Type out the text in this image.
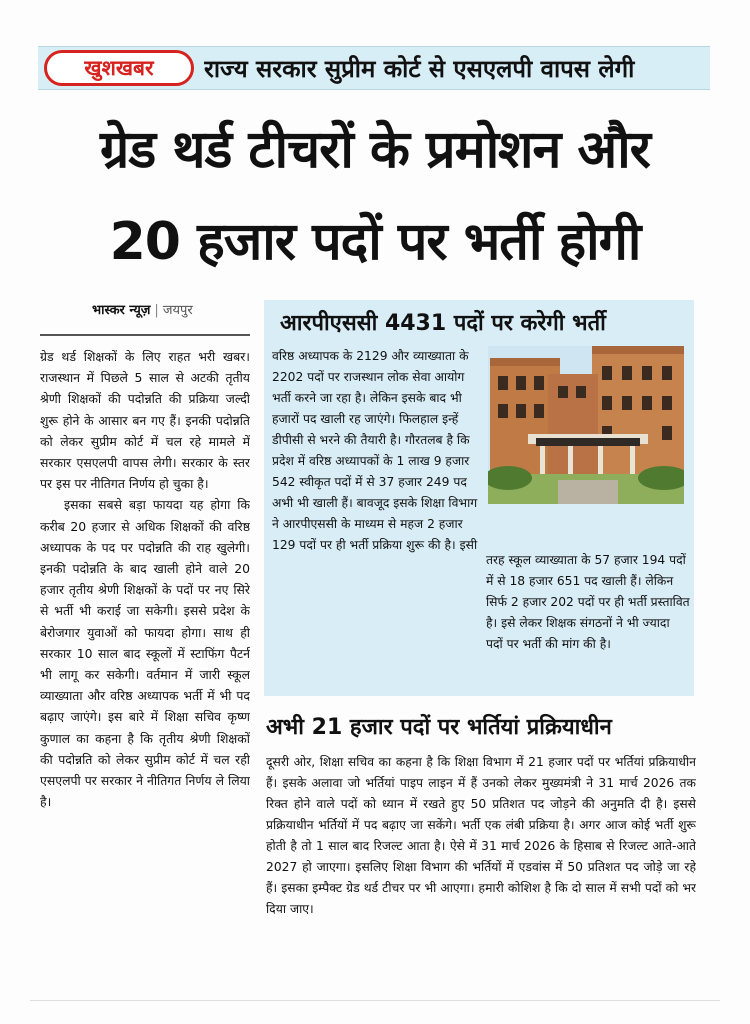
खुशखबर	राज्य सरकार सुप्रीम कोर्ट से एसएलपी वापस लेगी
ग्रेड थर्ड टीचरों के प्रमोशन और
20 हजार पदों पर भर्ती होगी
भास्कर न्यूज़ | जयपुर

ग्रेड थर्ड शिक्षकों के लिए राहत भरी खबर। राजस्थान में पिछले 5 साल से अटकी तृतीय श्रेणी शिक्षकों की पदोन्नति की प्रक्रिया जल्दी शुरू होने के आसार बन गए हैं। इनकी पदोन्नति को लेकर सुप्रीम कोर्ट में चल रहे मामले में सरकार एसएलपी वापस लेगी। सरकार के स्तर पर इस पर नीतिगत निर्णय हो चुका है।

इसका सबसे बड़ा फायदा यह होगा कि करीब 20 हजार से अधिक शिक्षकों की वरिष्ठ अध्यापक के पद पर पदोन्नति की राह खुलेगी। इनकी पदोन्नति के बाद खाली होने वाले 20 हजार तृतीय श्रेणी शिक्षकों के पदों पर नए सिरे से भर्ती भी कराई जा सकेगी। इससे प्रदेश के बेरोजगार युवाओं को फायदा होगा। साथ ही सरकार 10 साल बाद स्कूलों में स्टाफिंग पैटर्न भी लागू कर सकेगी। वर्तमान में जारी स्कूल व्याख्याता और वरिष्ठ अध्यापक भर्ती में भी पद बढ़ाए जाएंगे। इस बारे में शिक्षा सचिव कृष्ण कुणाल का कहना है कि तृतीय श्रेणी शिक्षकों की पदोन्नति को लेकर सुप्रीम कोर्ट में चल रही एसएलपी पर सरकार ने नीतिगत निर्णय ले लिया है।

आरपीएससी 4431 पदों पर करेगी भर्ती
वरिष्ठ अध्यापक के 2129 और व्याख्याता के 2202 पदों पर राजस्थान लोक सेवा आयोग भर्ती करने जा रहा है। लेकिन इसके बाद भी हजारों पद खाली रह जाएंगे। फिलहाल इन्हें डीपीसी से भरने की तैयारी है। गौरतलब है कि प्रदेश में वरिष्ठ अध्यापकों के 1 लाख 9 हजार 542 स्वीकृत पदों में से 37 हजार 249 पद अभी भी खाली हैं। बावजूद इसके शिक्षा विभाग ने आरपीएससी के माध्यम से महज 2 हजार 129 पदों पर ही भर्ती प्रक्रिया शुरू की है। इसी
तरह स्कूल व्याख्याता के 57 हजार 194 पदों में से 18 हजार 651 पद खाली हैं। लेकिन सिर्फ 2 हजार 202 पदों पर ही भर्ती प्रस्तावित है। इसे लेकर शिक्षक संगठनों ने भी ज्यादा पदों पर भर्ती की मांग की है।
अभी 21 हजार पदों पर भर्तियां प्रक्रियाधीन
दूसरी ओर, शिक्षा सचिव का कहना है कि शिक्षा विभाग में 21 हजार पदों पर भर्तियां प्रक्रियाधीन हैं। इसके अलावा जो भर्तियां पाइप लाइन में हैं उनको लेकर मुख्यमंत्री ने 31 मार्च 2026 तक रिक्त होने वाले पदों को ध्यान में रखते हुए 50 प्रतिशत पद जोड़ने की अनुमति दी है। इससे प्रक्रियाधीन भर्तियों में पद बढ़ाए जा सकेंगे। भर्ती एक लंबी प्रक्रिया है। अगर आज कोई भर्ती शुरू होती है तो 1 साल बाद रिजल्ट आता है। ऐसे में 31 मार्च 2026 के हिसाब से रिजल्ट आते-आते 2027 हो जाएगा। इसलिए शिक्षा विभाग की भर्तियों में एडवांस में 50 प्रतिशत पद जोड़े जा रहे हैं। इसका इम्पैक्ट ग्रेड थर्ड टीचर पर भी आएगा। हमारी कोशिश है कि दो साल में सभी पदों को भर दिया जाए।
